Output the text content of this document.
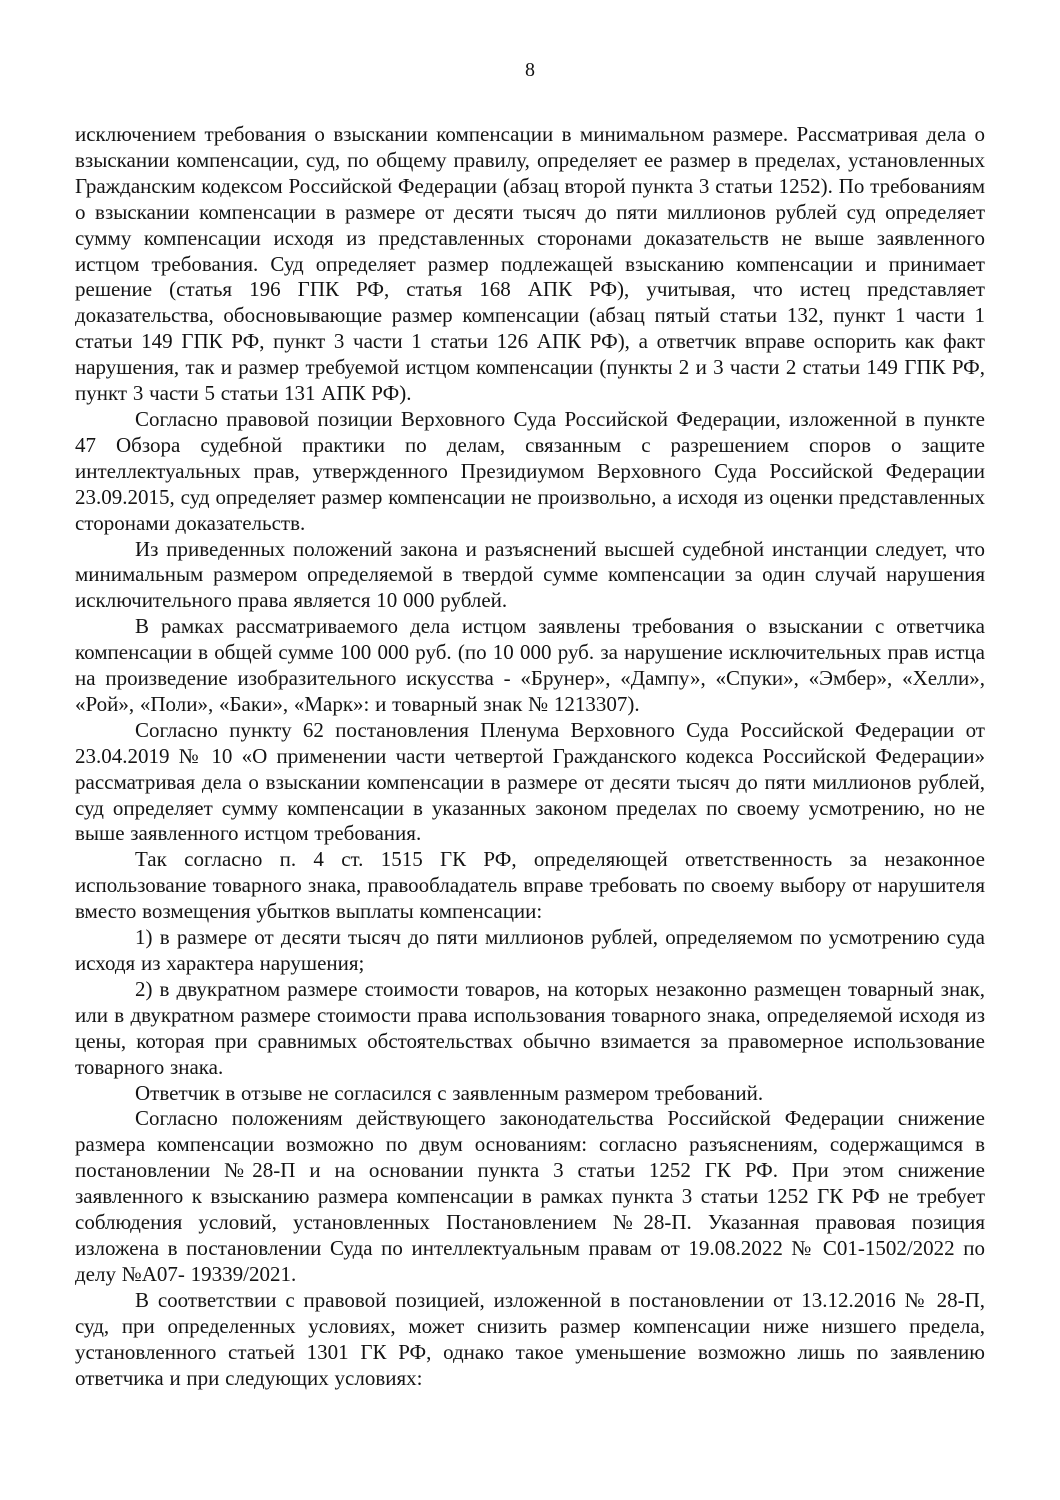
8

исключением требования о взыскании компенсации в минимальном размере. Рассматривая дела о взыскании компенсации, суд, по общему правилу, определяет ее размер в пределах, установленных Гражданским кодексом Российской Федерации (абзац второй пункта 3 статьи 1252). По требованиям о взыскании компенсации в размере от десяти тысяч до пяти миллионов рублей суд определяет сумму компенсации исходя из представленных сторонами доказательств не выше заявленного истцом требования. Суд определяет размер подлежащей взысканию компенсации и принимает решение (статья 196 ГПК РФ, статья 168 АПК РФ), учитывая, что истец представляет доказательства, обосновывающие размер компенсации (абзац пятый статьи 132, пункт 1 части 1 статьи 149 ГПК РФ, пункт 3 части 1 статьи 126 АПК РФ), а ответчик вправе оспорить как факт нарушения, так и размер требуемой истцом компенсации (пункты 2 и 3 части 2 статьи 149 ГПК РФ, пункт 3 части 5 статьи 131 АПК РФ).

Согласно правовой позиции Верховного Суда Российской Федерации, изложенной в пункте 47 Обзора судебной практики по делам, связанным с разрешением споров о защите интеллектуальных прав, утвержденного Президиумом Верховного Суда Российской Федерации 23.09.2015, суд определяет размер компенсации не произвольно, а исходя из оценки представленных сторонами доказательств.

Из приведенных положений закона и разъяснений высшей судебной инстанции следует, что минимальным размером определяемой в твердой сумме компенсации за один случай нарушения исключительного права является 10 000 рублей.

В рамках рассматриваемого дела истцом заявлены требования о взыскании с ответчика компенсации в общей сумме 100 000 руб. (по 10 000 руб. за нарушение исключительных прав истца на произведение изобразительного искусства - «Брунер», «Дампу», «Спуки», «Эмбер», «Хелли», «Рой», «Поли», «Баки», «Марк»: и товарный знак № 1213307).

Согласно пункту 62 постановления Пленума Верховного Суда Российской Федерации от 23.04.2019 № 10 «О применении части четвертой Гражданского кодекса Российской Федерации» рассматривая дела о взыскании компенсации в размере от десяти тысяч до пяти миллионов рублей, суд определяет сумму компенсации в указанных законом пределах по своему усмотрению, но не выше заявленного истцом требования.

Так согласно п. 4 ст. 1515 ГК РФ, определяющей ответственность за незаконное использование товарного знака, правообладатель вправе требовать по своему выбору от нарушителя вместо возмещения убытков выплаты компенсации:

1) в размере от десяти тысяч до пяти миллионов рублей, определяемом по усмотрению суда исходя из характера нарушения;

2) в двукратном размере стоимости товаров, на которых незаконно размещен товарный знак, или в двукратном размере стоимости права использования товарного знака, определяемой исходя из цены, которая при сравнимых обстоятельствах обычно взимается за правомерное использование товарного знака.

Ответчик в отзыве не согласился с заявленным размером требований.

Согласно положениям действующего законодательства Российской Федерации снижение размера компенсации возможно по двум основаниям: согласно разъяснениям, содержащимся в постановлении №28-П и на основании пункта 3 статьи 1252 ГК РФ. При этом снижение заявленного к взысканию размера компенсации в рамках пункта 3 статьи 1252 ГК РФ не требует соблюдения условий, установленных Постановлением №28-П. Указанная правовая позиция изложена в постановлении Суда по интеллектуальным правам от 19.08.2022 № С01-1502/2022 по делу №А07- 19339/2021.

В соответствии с правовой позицией, изложенной в постановлении от 13.12.2016 № 28-П, суд, при определенных условиях, может снизить размер компенсации ниже низшего предела, установленного статьей 1301 ГК РФ, однако такое уменьшение возможно лишь по заявлению ответчика и при следующих условиях:
